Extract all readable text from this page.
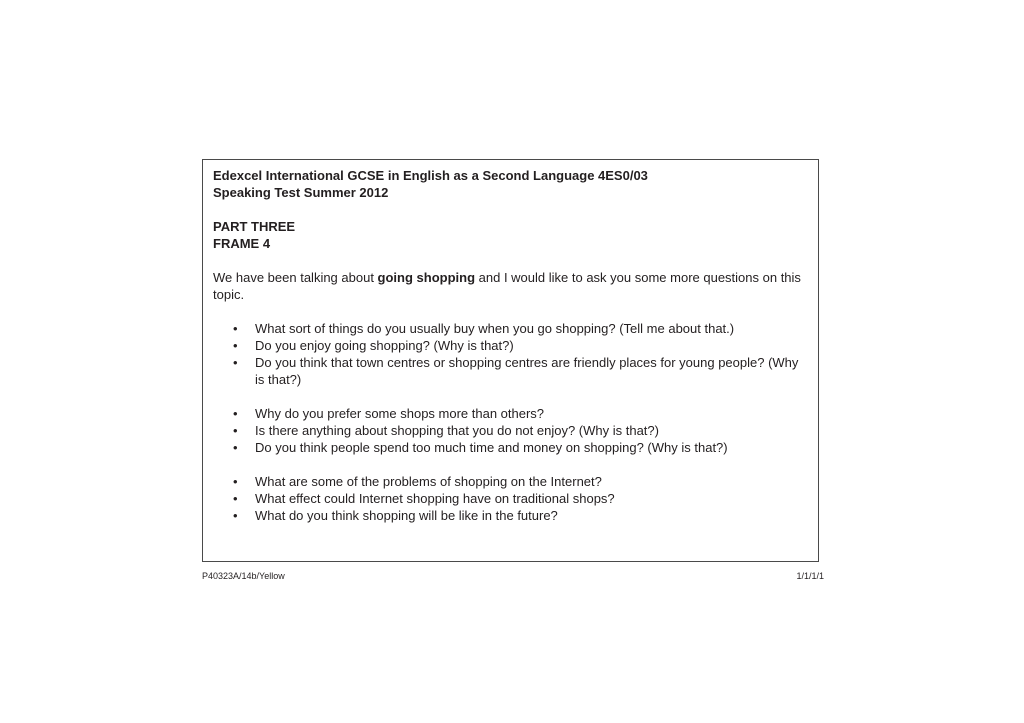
Edexcel International GCSE in English as a Second Language 4ES0/03
Speaking Test Summer 2012
PART THREE
FRAME 4
We have been talking about going shopping and I would like to ask you some more questions on this topic.
•	What sort of things do you usually buy when you go shopping? (Tell me about that.)
•	Do you enjoy going shopping? (Why is that?)
•	Do you think that town centres or shopping centres are friendly places for young people? (Why is that?)
•	Why do you prefer some shops more than others?
•	Is there anything about shopping that you do not enjoy? (Why is that?)
•	Do you think people spend too much time and money on shopping? (Why is that?)
•	What are some of the problems of shopping on the Internet?
•	What effect could Internet shopping have on traditional shops?
•	What do you think shopping will be like in the future?
P40323A/14b/Yellow	1/1/1/1
